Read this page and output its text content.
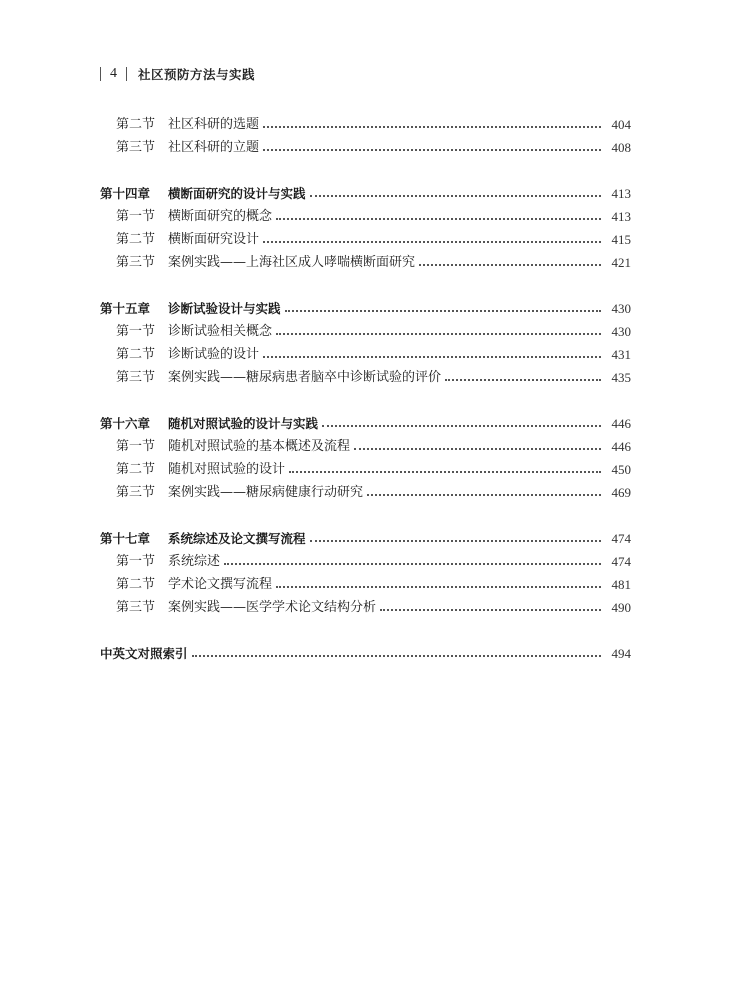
4 社区预防方法与实践
第二节 社区科研的选题	404
第三节 社区科研的立题	408
第十四章	横断面研究的设计与实践	413
第一节 横断面研究的概念	413
第二节 横断面研究设计	415
第三节 案例实践——上海社区成人哮喘横断面研究	421
第十五章	诊断试验设计与实践	430
第一节 诊断试验相关概念	430
第二节 诊断试验的设计	431
第三节 案例实践——糖尿病患者脑卒中诊断试验的评价	435
第十六章	随机对照试验的设计与实践	446
第一节 随机对照试验的基本概述及流程	446
第二节 随机对照试验的设计	450
第三节 案例实践——糖尿病健康行动研究	469
第十七章	系统综述及论文撰写流程	474
第一节 系统综述	474
第二节 学术论文撰写流程	481
第三节 案例实践——医学学术论文结构分析	490
中英文对照索引	494
